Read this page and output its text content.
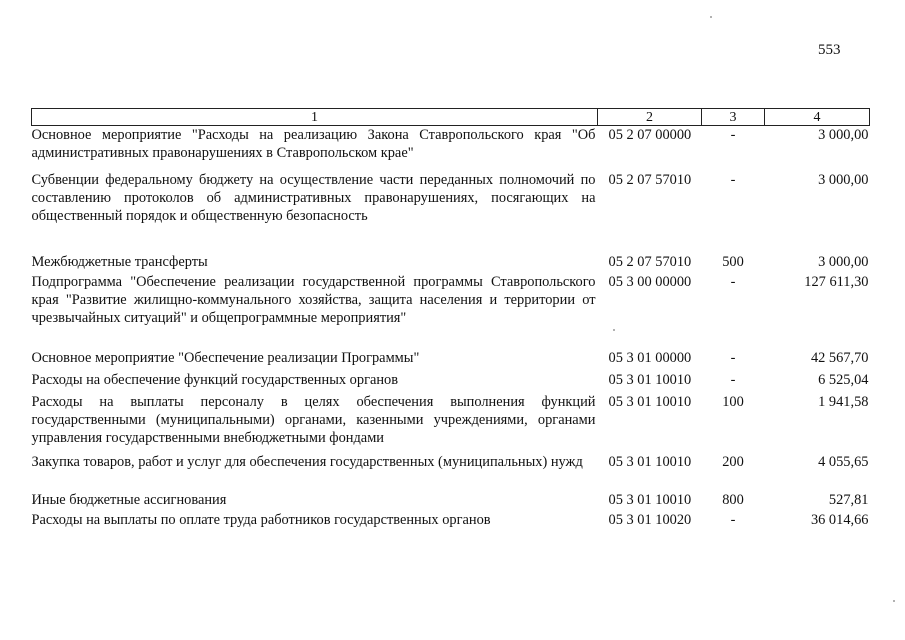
553
1	2	3	4
Основное мероприятие "Расходы на реализацию Закона Ставропольского края "Об административных правонарушениях в Ставропольском крае"	05 2 07 00000	-	3 000,00
Субвенции федеральному бюджету на осуществление части переданных полномочий по составлению протоколов об административных правонарушениях, посягающих на общественный порядок и общественную безопасность	05 2 07 57010	-	3 000,00
Межбюджетные трансферты	05 2 07 57010	500	3 000,00
Подпрограмма "Обеспечение реализации государственной программы Ставропольского края "Развитие жилищно-коммунального хозяйства, защита населения и территории от чрезвычайных ситуаций" и общепрограммные мероприятия"	05 3 00 00000	-	127 611,30
Основное мероприятие "Обеспечение реализации Программы"	05 3 01 00000	-	42 567,70
Расходы на обеспечение функций государственных органов	05 3 01 10010	-	6 525,04
Расходы на выплаты персоналу в целях обеспечения выполнения функций государственными (муниципальными) органами, казенными учреждениями, органами управления государственными внебюджетными фондами	05 3 01 10010	100	1 941,58
Закупка товаров, работ и услуг для обеспечения государственных (муниципальных) нужд	05 3 01 10010	200	4 055,65
Иные бюджетные ассигнования	05 3 01 10010	800	527,81
Расходы на выплаты по оплате труда работников государственных органов	05 3 01 10020	-	36 014,66
